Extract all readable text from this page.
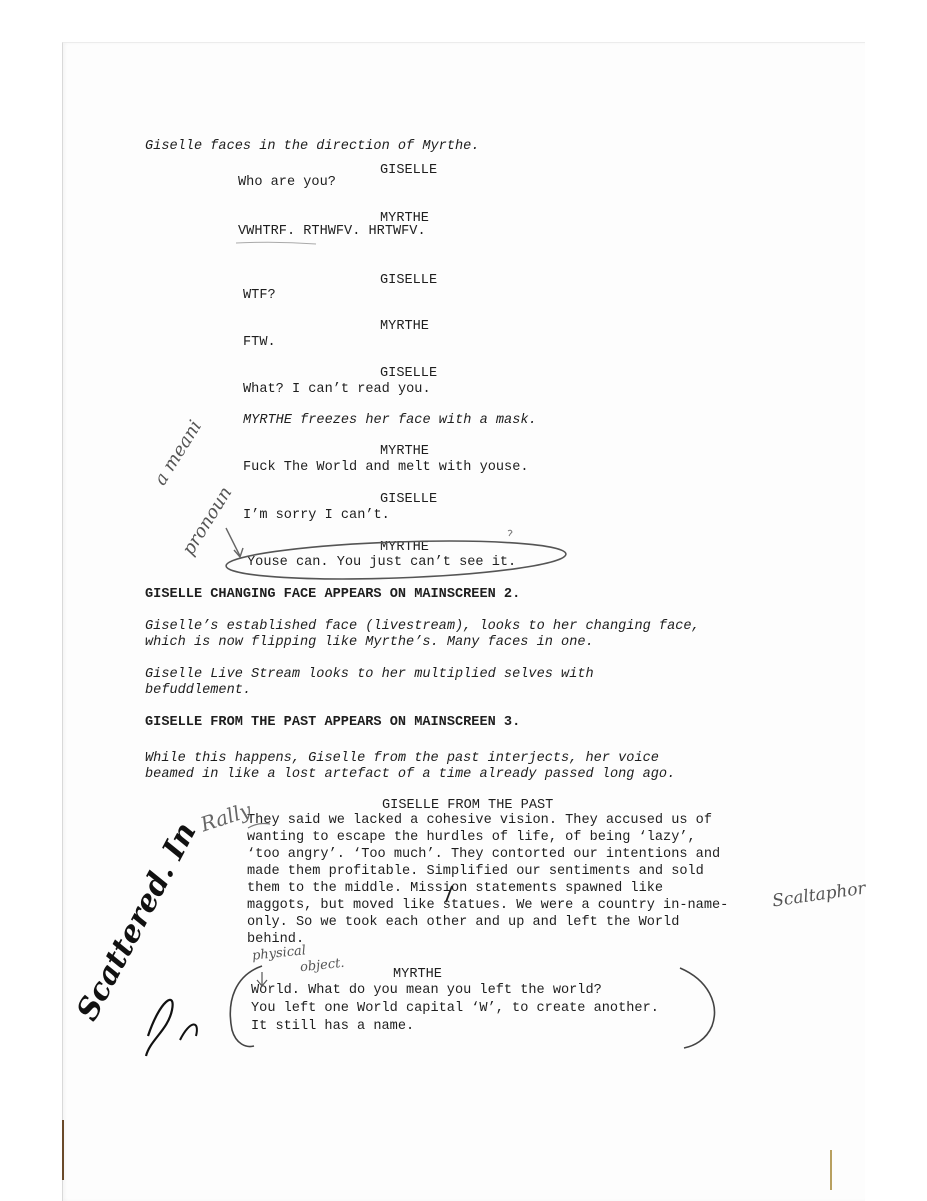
Giselle faces in the direction of Myrthe.

GISELLE

Who are you?

MYRTHE

VWHTRF. RTHWFV. HRTWFV.

GISELLE

WTF?

MYRTHE

FTW.

GISELLE

What? I can’t read you.

MYRTHE freezes her face with a mask.

MYRTHE

Fuck The World and melt with youse.

GISELLE

I’m sorry I can’t.

MYRTHE

Youse can. You just can’t see it.

GISELLE CHANGING FACE APPEARS ON MAINSCREEN 2.

Giselle’s established face (livestream), looks to her changing face,

which is now flipping like Myrthe’s. Many faces in one.

Giselle Live Stream looks to her multiplied selves with

befuddlement.

GISELLE FROM THE PAST APPEARS ON MAINSCREEN 3.

While this happens, Giselle from the past interjects, her voice

beamed in like a lost artefact of a time already passed long ago.

GISELLE FROM THE PAST

They said we lacked a cohesive vision. They accused us of

wanting to escape the hurdles of life, of being ‘lazy’,

‘too angry’. ‘Too much’. They contorted our intentions and

made them profitable. Simplified our sentiments and sold

them to the middle. Mission statements spawned like

maggots, but moved like statues. We were a country in-name-

only. So we took each other and up and left the World

behind.

MYRTHE

World. What do you mean you left the world?

You left one World capital ‘W’, to create another.

It still has a name.

a meani
pronoun
Rally
physical
object.
Scaltaphor
Scattered. In
